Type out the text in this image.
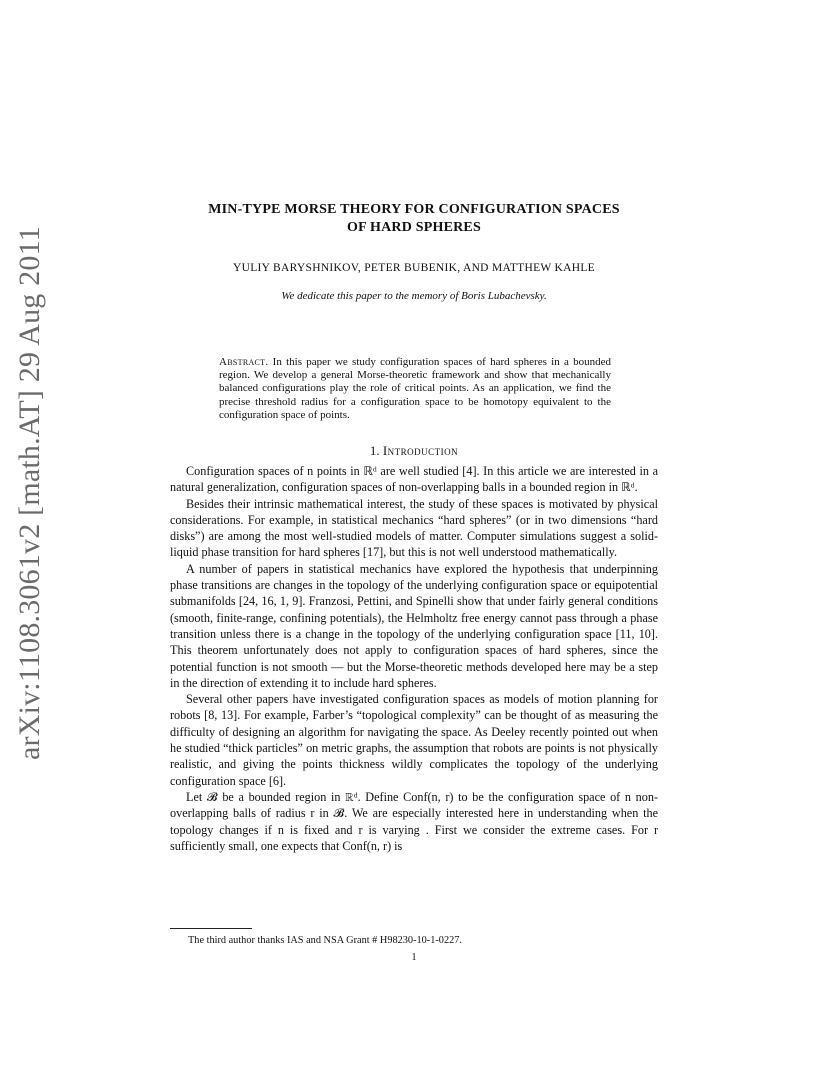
arXiv:1108.3061v2 [math.AT] 29 Aug 2011
MIN-TYPE MORSE THEORY FOR CONFIGURATION SPACES
OF HARD SPHERES
YULIY BARYSHNIKOV, PETER BUBENIK, AND MATTHEW KAHLE
We dedicate this paper to the memory of Boris Lubachevsky.
Abstract. In this paper we study configuration spaces of hard spheres in a bounded region. We develop a general Morse-theoretic framework and show that mechanically balanced configurations play the role of critical points. As an application, we find the precise threshold radius for a configuration space to be homotopy equivalent to the configuration space of points.
1. Introduction

Configuration spaces of n points in ℝᵈ are well studied [4]. In this article we are interested in a natural generalization, configuration spaces of non-overlapping balls in a bounded region in ℝᵈ.

Besides their intrinsic mathematical interest, the study of these spaces is motivated by physical considerations. For example, in statistical mechanics “hard spheres” (or in two dimensions “hard disks”) are among the most well-studied models of matter. Computer simulations suggest a solid-liquid phase transition for hard spheres [17], but this is not well understood mathematically.

A number of papers in statistical mechanics have explored the hypothesis that underpinning phase transitions are changes in the topology of the underlying configuration space or equipotential submanifolds [24, 16, 1, 9]. Franzosi, Pettini, and Spinelli show that under fairly general conditions (smooth, finite-range, confining potentials), the Helmholtz free energy cannot pass through a phase transition unless there is a change in the topology of the underlying configuration space [11, 10]. This theorem unfortunately does not apply to configuration spaces of hard spheres, since the potential function is not smooth — but the Morse-theoretic methods developed here may be a step in the direction of extending it to include hard spheres.

Several other papers have investigated configuration spaces as models of motion planning for robots [8, 13]. For example, Farber’s “topological complexity” can be thought of as measuring the difficulty of designing an algorithm for navigating the space. As Deeley recently pointed out when he studied “thick particles” on metric graphs, the assumption that robots are points is not physically realistic, and giving the points thickness wildly complicates the topology of the underlying configuration space [6].

Let 𝓑 be a bounded region in ℝᵈ. Define Conf(n, r) to be the configuration space of n non-overlapping balls of radius r in 𝓑. We are especially interested here in understanding when the topology changes if n is fixed and r is varying . First we consider the extreme cases. For r sufficiently small, one expects that Conf(n, r) is

The third author thanks IAS and NSA Grant # H98230-10-1-0227.
1
